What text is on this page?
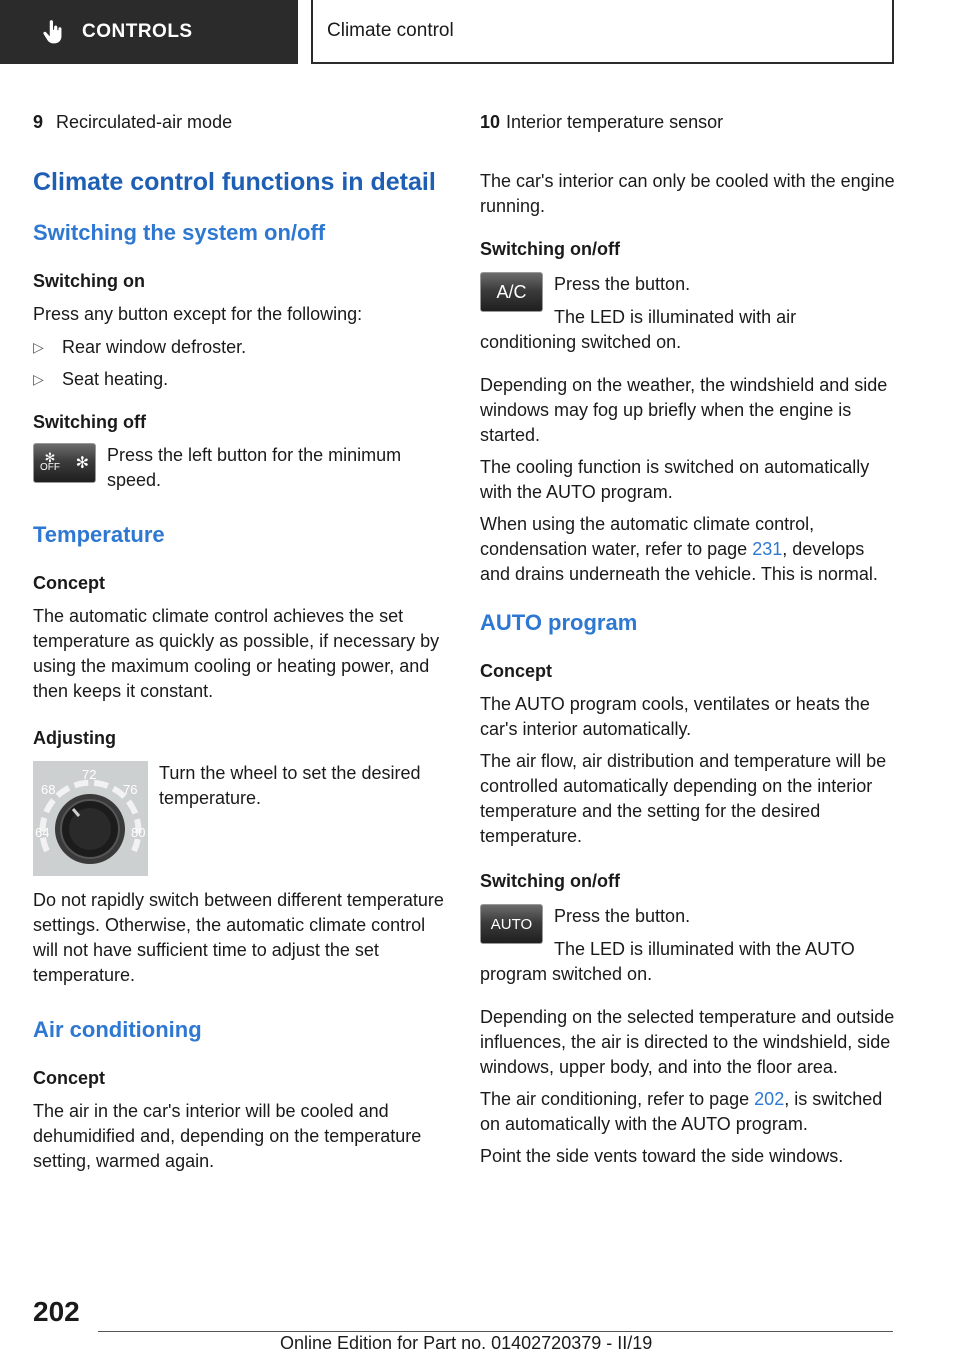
CONTROLS	Climate control
9 Recirculated-air mode
Climate control functions in detail
Switching the system on/off
Switching on

Press any button except for the following:

▷	Rear window defroster.
▷	Seat heating.
Switching off
✻
OFF ✻ Press the left button for the minimum speed.

Temperature
Concept

The automatic climate control achieves the set temperature as quickly as possible, if necessary by using the maximum cooling or heating power, and then keeps it constant.

Adjusting
68
72
76
64	80

Turn the wheel to set the desired temperature.

Do not rapidly switch between different temperature settings. Otherwise, the automatic climate control will not have sufficient time to adjust the set temperature.

Air conditioning
Concept

The air in the car's interior will be cooled and dehumidified and, depending on the temperature setting, warmed again.

10 Interior temperature sensor

The car's interior can only be cooled with the engine running.

Switching on/off
A/C	Press the button.

The LED is illuminated with air conditioning switched on.

Depending on the weather, the windshield and side windows may fog up briefly when the engine is started.

The cooling function is switched on automatically with the AUTO program.

When using the automatic climate control, condensation water, refer to page 231, develops and drains underneath the vehicle. This is normal.

AUTO program
Concept

The AUTO program cools, ventilates or heats the car's interior automatically.

The air flow, air distribution and temperature will be controlled automatically depending on the interior temperature and the setting for the desired temperature.

Switching on/off
AUTO	Press the button.

The LED is illuminated with the AUTO program switched on.

Depending on the selected temperature and outside influences, the air is directed to the windshield, side windows, upper body, and into the floor area.

The air conditioning, refer to page 202, is switched on automatically with the AUTO program.

Point the side vents toward the side windows.

202
Online Edition for Part no. 01402720379 - II/19
